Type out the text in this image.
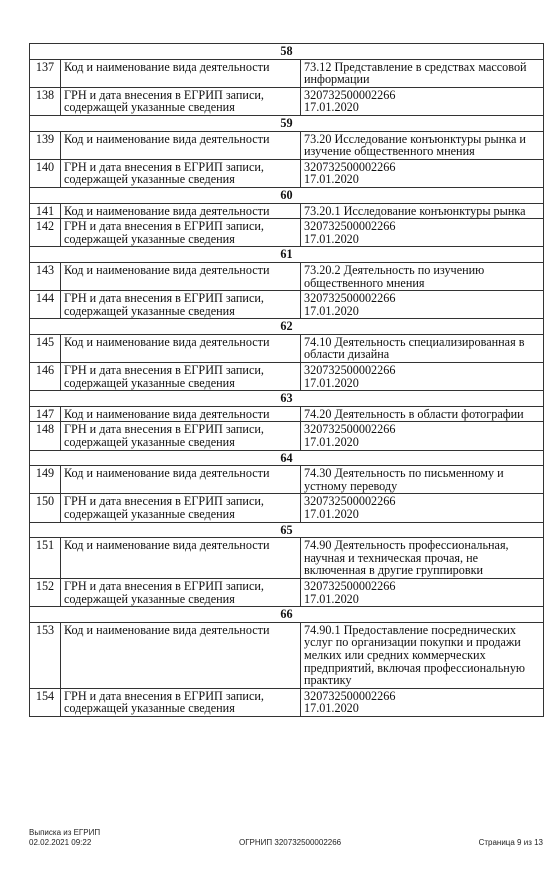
58		
137	Код и наименование вида деятельности	73.12 Представление в средствах массовой информации
138	ГРН и дата внесения в ЕГРИП записи, содержащей указанные сведения	320732500002266
17.01.2020
59		
139	Код и наименование вида деятельности	73.20 Исследование конъюнктуры рынка и изучение общественного мнения
140	ГРН и дата внесения в ЕГРИП записи, содержащей указанные сведения	320732500002266
17.01.2020
60		
141	Код и наименование вида деятельности	73.20.1 Исследование конъюнктуры рынка
142	ГРН и дата внесения в ЕГРИП записи, содержащей указанные сведения	320732500002266
17.01.2020
61		
143	Код и наименование вида деятельности	73.20.2 Деятельность по изучению общественного мнения
144	ГРН и дата внесения в ЕГРИП записи, содержащей указанные сведения	320732500002266
17.01.2020
62		
145	Код и наименование вида деятельности	74.10 Деятельность специализированная в области дизайна
146	ГРН и дата внесения в ЕГРИП записи, содержащей указанные сведения	320732500002266
17.01.2020
63		
147	Код и наименование вида деятельности	74.20 Деятельность в области фотографии
148	ГРН и дата внесения в ЕГРИП записи, содержащей указанные сведения	320732500002266
17.01.2020
64		
149	Код и наименование вида деятельности	74.30 Деятельность по письменному и устному переводу
150	ГРН и дата внесения в ЕГРИП записи, содержащей указанные сведения	320732500002266
17.01.2020
65		
151	Код и наименование вида деятельности	74.90 Деятельность профессиональная, научная и техническая прочая, не включенная в другие группировки
152	ГРН и дата внесения в ЕГРИП записи, содержащей указанные сведения	320732500002266
17.01.2020
66		
153	Код и наименование вида деятельности	74.90.1 Предоставление посреднических услуг по организации покупки и продажи мелких или средних коммерческих предприятий, включая профессиональную практику
154	ГРН и дата внесения в ЕГРИП записи, содержащей указанные сведения	320732500002266
17.01.2020
Выписка из ЕГРИП
02.02.2021 09:22	ОГРНИП 320732500002266	Страница 9 из 13
